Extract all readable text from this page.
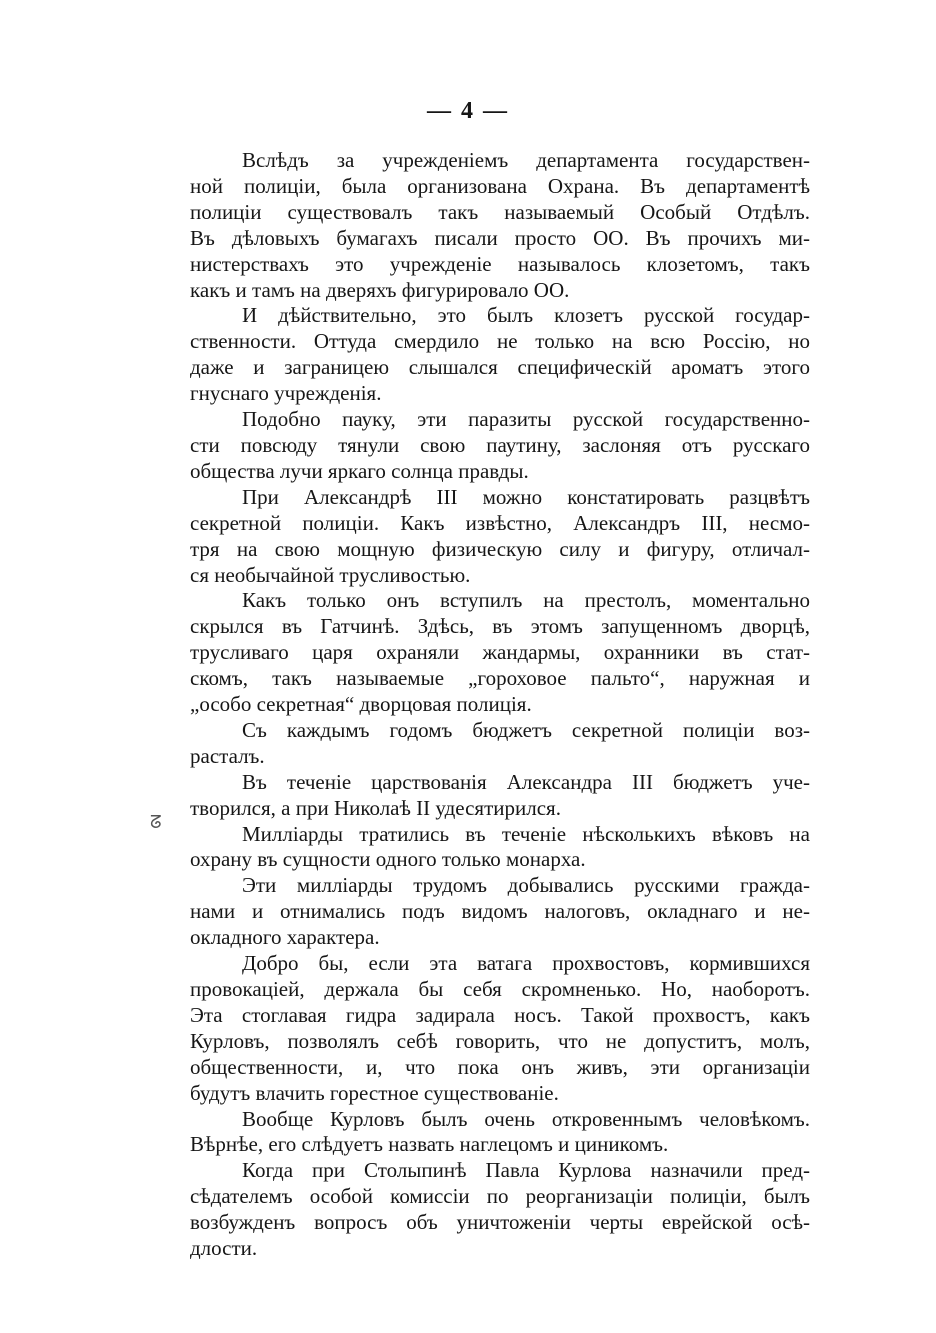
— 4 —
Вслѣдъ за учрежденіемъ департамента государствен-
ной полиціи, была организована Охрана. Въ департаментѣ
полиціи существовалъ такъ называемый Особый Отдѣлъ.
Въ дѣловыхъ бумагахъ писали просто ОО. Въ прочихъ ми-
нистерствахъ это учрежденіе называлось клозетомъ, такъ
какъ и тамъ на дверяхъ фигурировало ОО.
И дѣйствительно, это былъ клозетъ русской государ-
ственности. Оттуда смердило не только на всю Россію, но
даже и заграницею слышался специфическій ароматъ этого
гнуснаго учрежденія.
Подобно пауку, эти паразиты русской государственно-
сти повсюду тянули свою паутину, заслоняя отъ русскаго
общества лучи яркаго солнца правды.
При Александрѣ III можно констатировать разцвѣтъ
секретной полиціи. Какъ извѣстно, Александръ III, несмо-
тря на свою мощную физическую силу и фигуру, отличал-
ся необычайной трусливостью.
Какъ только онъ вступилъ на престолъ, моментально
скрылся въ Гатчинѣ. Здѣсь, въ этомъ запущенномъ дворцѣ,
трусливаго царя охраняли жандармы, охранники въ стат-
скомъ, такъ называемые „гороховое пальто“, наружная и
„особо секретная“ дворцовая полиція.
Съ каждымъ годомъ бюджетъ секретной полиціи воз-
расталъ.
Въ теченіе царствованія Александра III бюджетъ уче-
творился, а при Николаѣ II удесятирился.
Милліарды тратились въ теченіе нѣсколькихъ вѣковъ на
охрану въ сущности одного только монарха.
Эти милліарды трудомъ добывались русскими гражда-
нами и отнимались подъ видомъ налоговъ, окладнаго и не-
окладного характера.
Добро бы, если эта ватага прохвостовъ, кормившихся
провокаціей, держала бы себя скромненько. Но, наоборотъ.
Эта стоглавая гидра задирала носъ. Такой прохвостъ, какъ
Курловъ, позволялъ себѣ говорить, что не допуститъ, молъ,
общественности, и, что пока онъ живъ, эти организаціи
будутъ влачить горестное существованіе.
Вообще Курловъ былъ очень откровеннымъ человѣкомъ.
Вѣрнѣе, его слѣдуетъ назвать наглецомъ и циникомъ.
Когда при Столыпинѣ Павла Курлова назначили пред-
сѣдателемъ особой комиссіи по реорганизаціи полиціи, былъ
возбужденъ вопросъ объ уничтоженіи черты еврейской осѣ-
длости.
ᘔ
